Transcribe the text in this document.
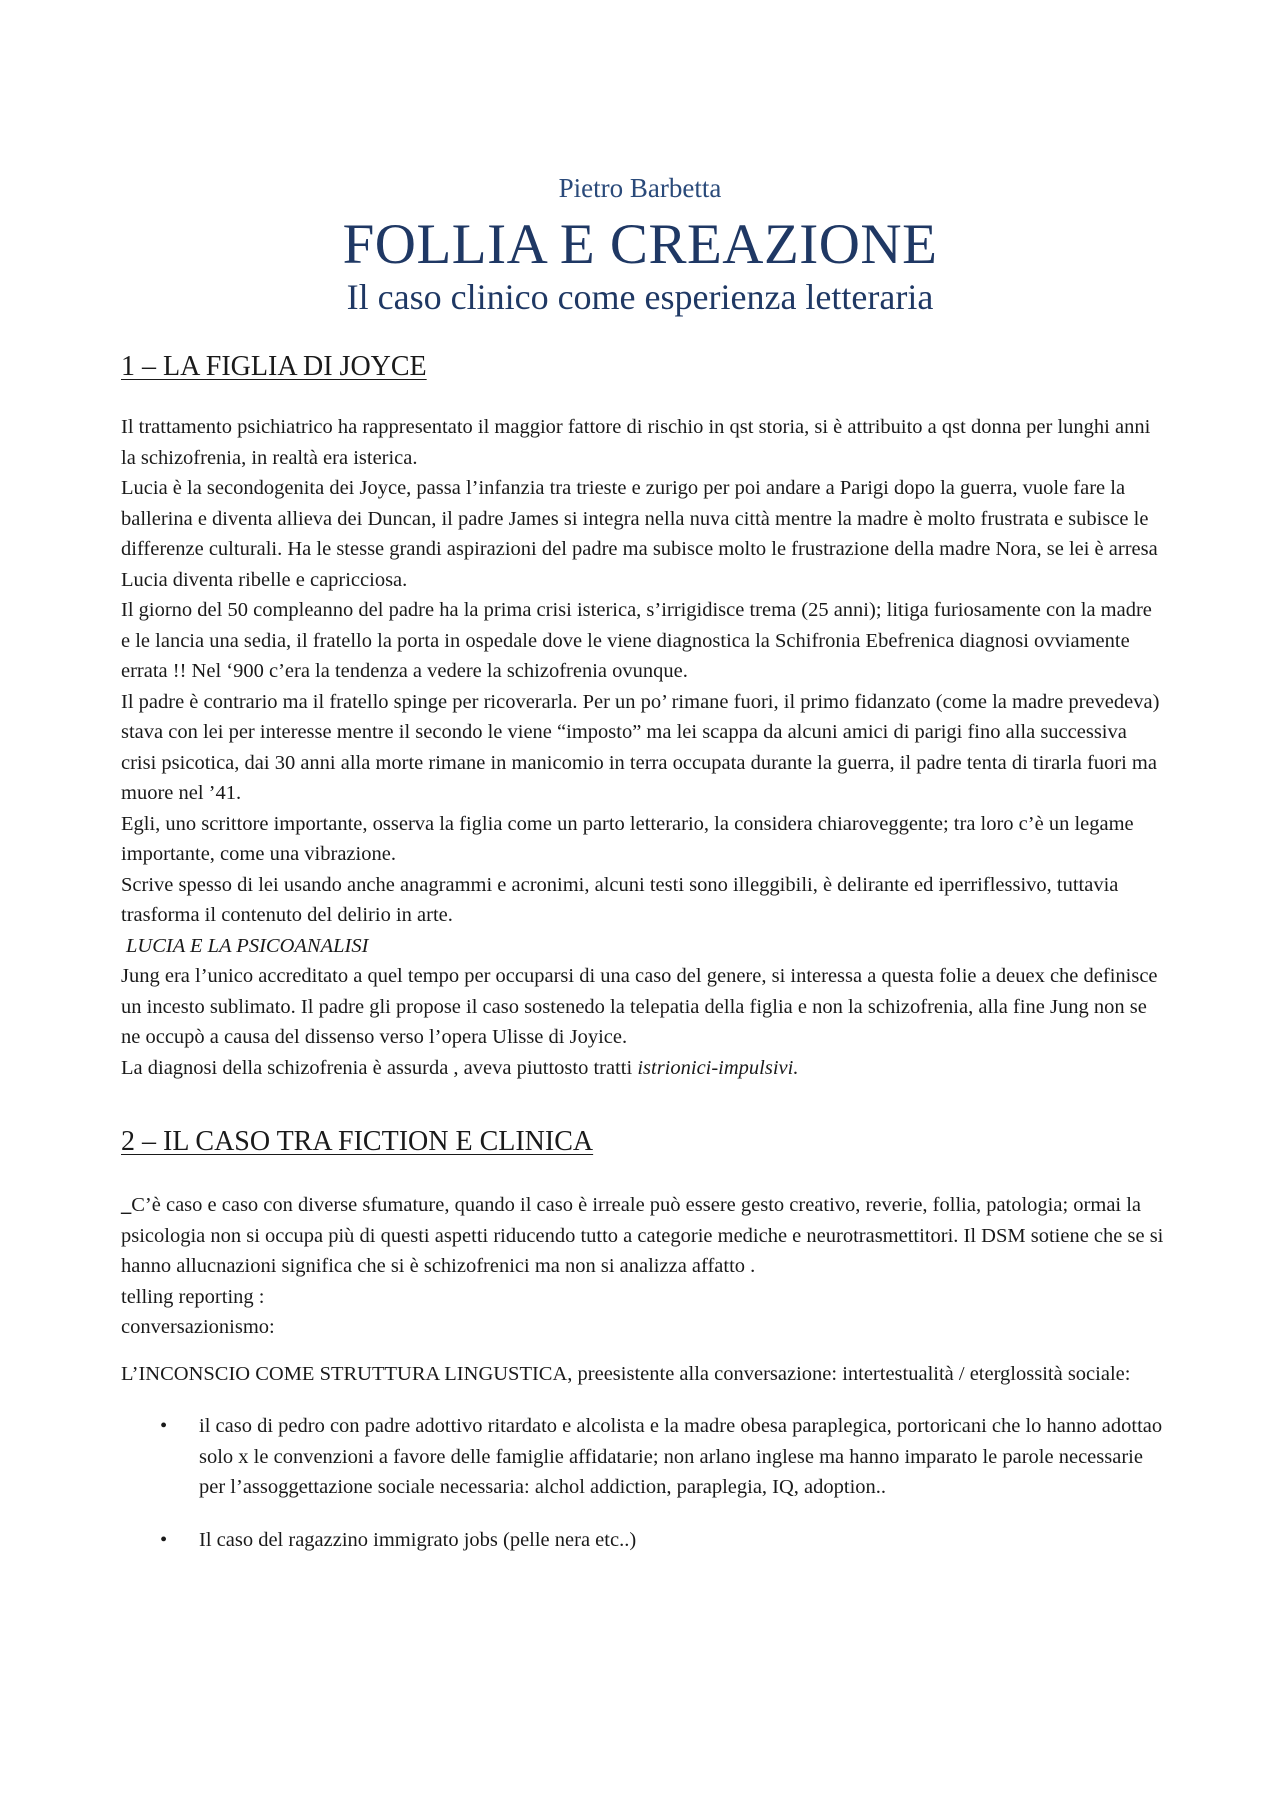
Pietro Barbetta
FOLLIA E CREAZIONE
Il caso clinico come esperienza letteraria
1 – LA FIGLIA DI JOYCE

Il trattamento psichiatrico ha rappresentato il maggior fattore di rischio in qst storia, si è attribuito a qst donna per lunghi anni la schizofrenia, in realtà era isterica.

Lucia è la secondogenita dei Joyce, passa l’infanzia tra trieste e zurigo per poi andare a Parigi dopo la guerra, vuole fare la ballerina e diventa allieva dei Duncan, il padre James si integra nella nuva città mentre la madre è molto frustrata e subisce le differenze culturali. Ha le stesse grandi aspirazioni del padre ma subisce molto le frustrazione della madre Nora, se lei è arresa Lucia diventa ribelle e capricciosa.

Il giorno del 50 compleanno del padre ha la prima crisi isterica, s’irrigidisce trema (25 anni); litiga furiosamente con la madre e le lancia una sedia, il fratello la porta in ospedale dove le viene diagnostica la Schifronia Ebefrenica diagnosi ovviamente errata !! Nel ‘900 c’era la tendenza a vedere la schizofrenia ovunque.

Il padre è contrario ma il fratello spinge per ricoverarla. Per un po’ rimane fuori, il primo fidanzato (come la madre prevedeva) stava con lei per interesse mentre il secondo le viene “imposto” ma lei scappa da alcuni amici di parigi fino alla successiva crisi psicotica, dai 30 anni alla morte rimane in manicomio in terra occupata durante la guerra, il padre tenta di tirarla fuori ma muore nel ’41.

Egli, uno scrittore importante, osserva la figlia come un parto letterario, la considera chiaroveggente; tra loro c’è un legame importante, come una vibrazione.

Scrive spesso di lei usando anche anagrammi e acronimi, alcuni testi sono illeggibili, è delirante ed iperriflessivo, tuttavia trasforma il contenuto del delirio in arte.

LUCIA E LA PSICOANALISI

Jung era l’unico accreditato a quel tempo per occuparsi di una caso del genere, si interessa a questa folie a deuex che definisce un incesto sublimato. Il padre gli propose il caso sostenedo la telepatia della figlia e non la schizofrenia, alla fine Jung non se ne occupò a causa del dissenso verso l’opera Ulisse di Joyice.

La diagnosi della schizofrenia è assurda , aveva piuttosto tratti istrionici-impulsivi.

2 – IL CASO TRA FICTION E CLINICA

_C’è caso e caso con diverse sfumature, quando il caso è irreale può essere gesto creativo, reverie, follia, patologia; ormai la psicologia non si occupa più di questi aspetti riducendo tutto a categorie mediche e neurotrasmettitori. Il DSM sotiene che se si hanno allucnazioni significa che si è schizofrenici ma non si analizza affatto .

telling reporting :

conversazionismo:

L’INCONSCIO COME STRUTTURA LINGUSTICA, preesistente alla conversazione: intertestualità / eterglossità sociale:

• il caso di pedro con padre adottivo ritardato e alcolista e la madre obesa paraplegica, portoricani che lo hanno adottao solo x le convenzioni a favore delle famiglie affidatarie; non arlano inglese ma hanno imparato le parole necessarie per l’assoggettazione sociale necessaria: alchol addiction, paraplegia, IQ, adoption..
• Il caso del ragazzino immigrato jobs (pelle nera etc..)
